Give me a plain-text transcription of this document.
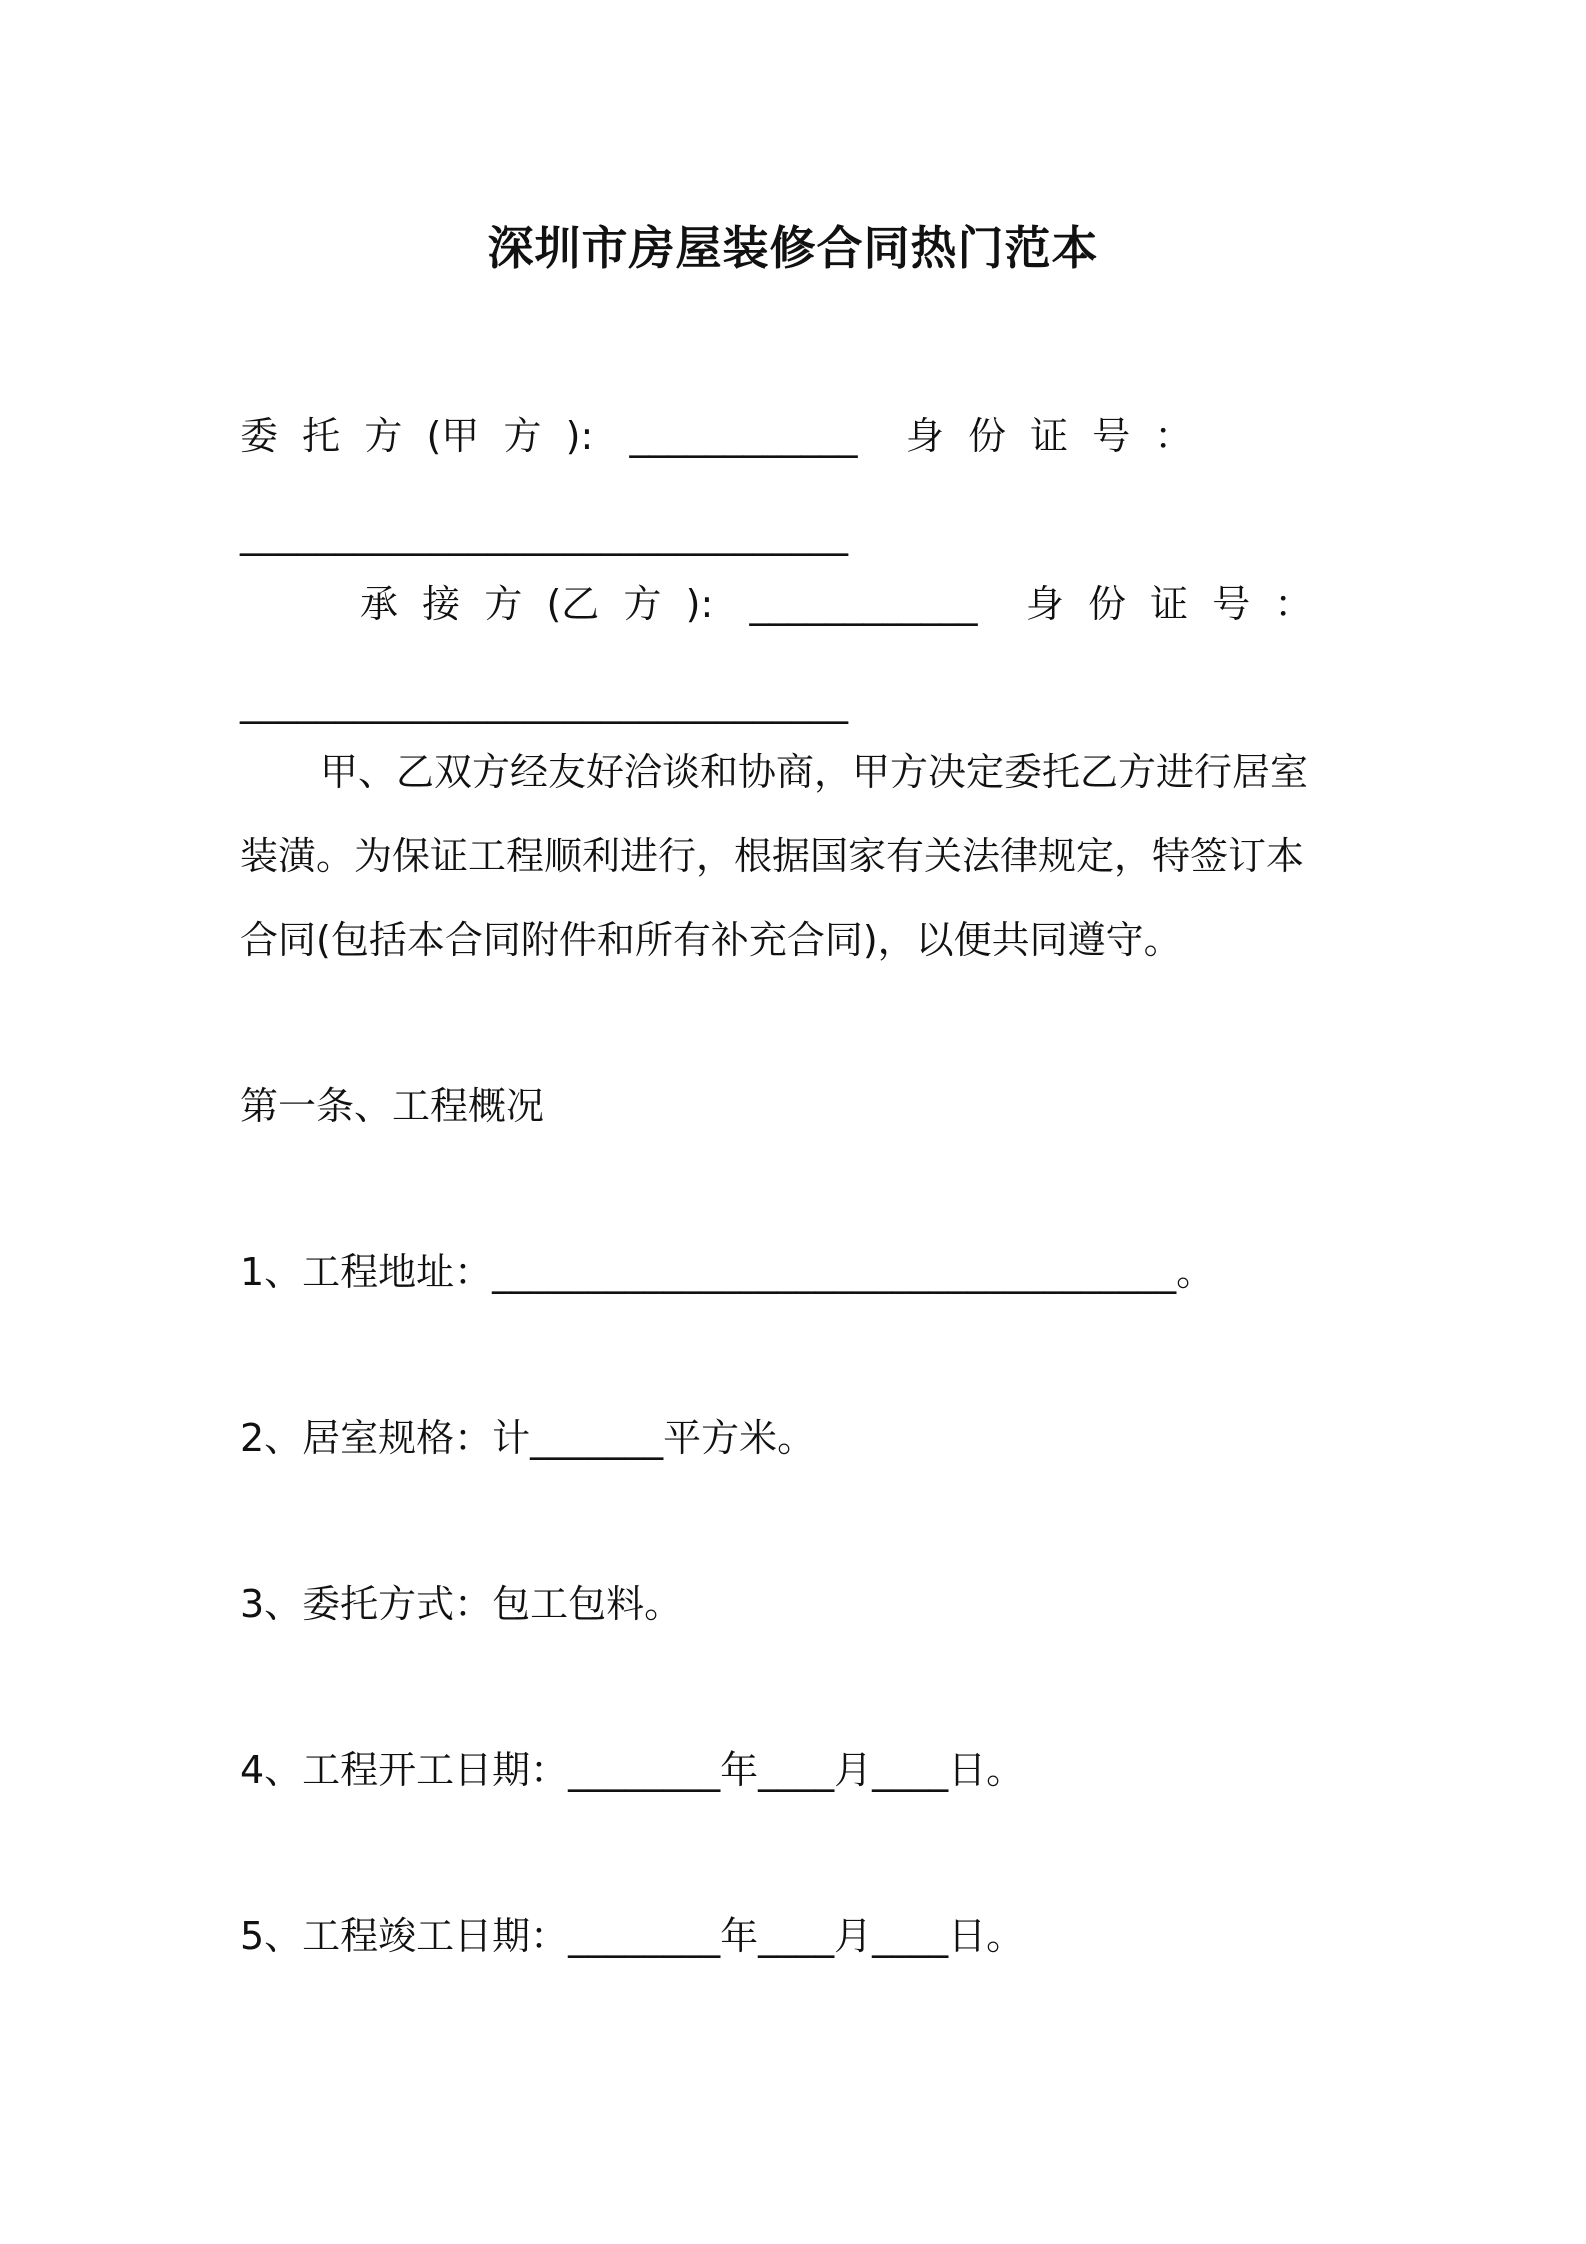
深圳市房屋装修合同热门范本
委  托  方  (甲  方  ):   ____________    身  份  证  号  ：
________________________________
承  接  方  (乙  方  ):   ____________    身  份  证  号  ：
________________________________
甲、乙双方经友好洽谈和协商，甲方决定委托乙方进行居室
装潢。为保证工程顺利进行，根据国家有关法律规定，特签订本
合同(包括本合同附件和所有补充合同)，以便共同遵守。
第一条、工程概况
1、工程地址：____________________________________。
2、居室规格：计_______平方米。
3、委托方式：包工包料。
4、工程开工日期：________年____月____日。
5、工程竣工日期：________年____月____日。
